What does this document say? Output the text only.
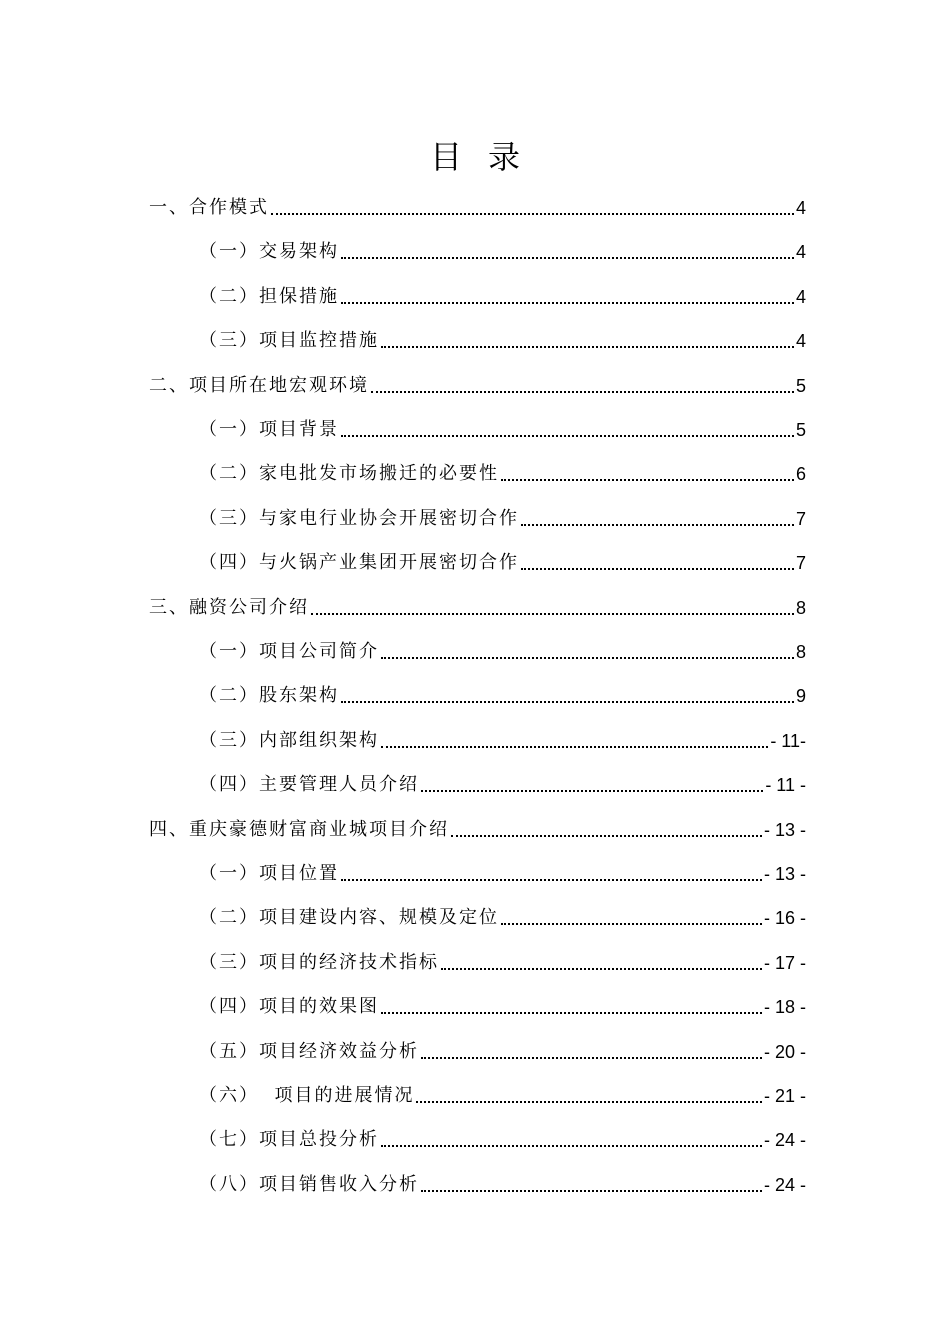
目录
一、合作模式	4
（一）交易架构	4
（二）担保措施	4
（三）项目监控措施	4
二、项目所在地宏观环境	5
（一）项目背景	5
（二）家电批发市场搬迁的必要性	6
（三）与家电行业协会开展密切合作	7
（四）与火锅产业集团开展密切合作	7
三、融资公司介绍	8
（一）项目公司简介	8
（二）股东架构	9
（三）内部组织架构	- 11-
（四）主要管理人员介绍	- 11 -
四、重庆豪德财富商业城项目介绍	- 13 -
（一）项目位置	- 13 -
（二）项目建设内容、规模及定位	- 16 -
（三）项目的经济技术指标	- 17 -
（四）项目的效果图	- 18 -
（五）项目经济效益分析	- 20 -
（六）  项目的进展情况	- 21 -
（七）项目总投分析	- 24 -
（八）项目销售收入分析	- 24 -
